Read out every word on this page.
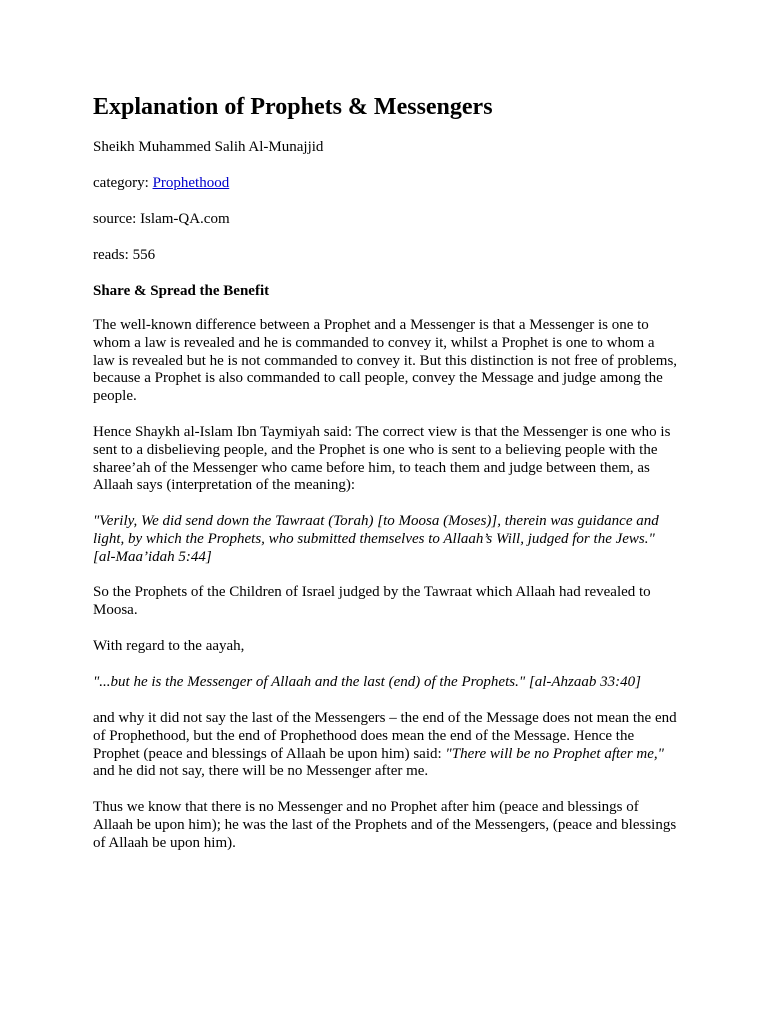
Explanation of Prophets & Messengers

Sheikh Muhammed Salih Al-Munajjid

category: Prophethood

source: Islam-QA.com

reads: 556

Share & Spread the Benefit

The well-known difference between a Prophet and a Messenger is that a Messenger is one to whom a law is revealed and he is commanded to convey it, whilst a Prophet is one to whom a law is revealed but he is not commanded to convey it. But this distinction is not free of problems, because a Prophet is also commanded to call people, convey the Message and judge among the people.

Hence Shaykh al-Islam Ibn Taymiyah said: The correct view is that the Messenger is one who is sent to a disbelieving people, and the Prophet is one who is sent to a believing people with the sharee’ah of the Messenger who came before him, to teach them and judge between them, as Allaah says (interpretation of the meaning):

"Verily, We did send down the Tawraat (Torah) [to Moosa (Moses)], therein was guidance and light, by which the Prophets, who submitted themselves to Allaah’s Will, judged for the Jews." [al-Maa’idah 5:44]

So the Prophets of the Children of Israel judged by the Tawraat which Allaah had revealed to Moosa.

With regard to the aayah,

"...but he is the Messenger of Allaah and the last (end) of the Prophets." [al-Ahzaab 33:40]

and why it did not say the last of the Messengers – the end of the Message does not mean the end of Prophethood, but the end of Prophethood does mean the end of the Message. Hence the Prophet (peace and blessings of Allaah be upon him) said: "There will be no Prophet after me," and he did not say, there will be no Messenger after me.

Thus we know that there is no Messenger and no Prophet after him (peace and blessings of Allaah be upon him); he was the last of the Prophets and of the Messengers, (peace and blessings of Allaah be upon him).
